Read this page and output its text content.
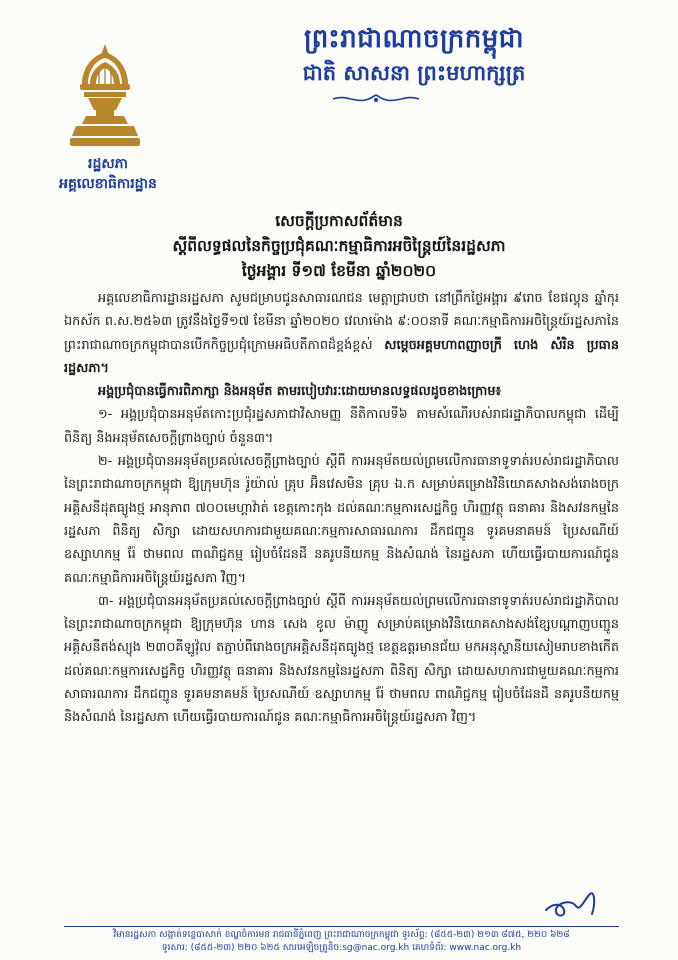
រដ្ឋសភា
អគ្គលេខាធិការដ្ឋាន
ព្រះរាជាណាចក្រកម្ពុជា
ជាតិ សាសនា ព្រះមហាក្សត្រ
សេចក្តីប្រកាសព័ត៌មាន
ស្តីពីលទ្ធផលនៃកិច្ចប្រជុំគណៈកម្មាធិការអចិន្ត្រៃយ៍នៃរដ្ឋសភា
ថ្ងៃអង្គារ ទី១៧ ខែមីនា ឆ្នាំ២០២០

អគ្គលេខាធិការដ្ឋានរដ្ឋសភា សូមជម្រាបជូនសាធារណជន មេត្តាជ្រាបថា នៅព្រឹកថ្ងៃអង្គារ ៩រោច ខែផល្គុន ឆ្នាំកុរ ឯកស័ក ព.ស.២៥៦៣ ត្រូវនឹងថ្ងៃទី១៧ ខែមីនា ឆ្នាំ២០២០ វេលាម៉ោង ៩:០០នាទី គណៈកម្មាធិការអចិន្ត្រៃយ៍រដ្ឋសភានៃព្រះរាជាណាចក្រកម្ពុជាបានបើកកិច្ចប្រជុំក្រោមអធិបតីភាពដ៏ខ្ពង់ខ្ពស់ សម្តេចអគ្គមហាពញាចក្រី ហេង សំរិន ប្រធានរដ្ឋសភា។

អង្គប្រជុំបានធ្វើការពិភាក្សា និងអនុម័ត តាមរបៀបវារៈដោយមានលទ្ធផលដូចខាងក្រោម៖

១- អង្គប្រជុំបានអនុម័តកោះប្រជុំរដ្ឋសភាជាវិសាមញ្ញ នីតិកាលទី៦ តាមសំណើរបស់រាជរដ្ឋាភិបាលកម្ពុជា ដើម្បីពិនិត្យ និងអនុម័តសេចក្តីព្រាងច្បាប់ ចំនួន៣។

២- អង្គប្រជុំបានអនុម័តប្រគល់សេចក្តីព្រាងច្បាប់ ស្តីពី ការអនុម័តយល់ព្រមលើការធានាទូទាត់របស់រាជរដ្ឋាភិបាលនៃព្រះរាជាណាចក្រកម្ពុជា ឱ្យក្រុមហ៊ុន រ៉ូយ៉ាល់ គ្រុប អ៊ិនវេសមិន គ្រុប ឯ.ក សម្រាប់គម្រោងវិនិយោគសាងសង់រោងចក្រអគ្គិសនីដុតធ្យូងថ្ម អានុភាព ៧០០មេហ្គាវ៉ាត់ ខេត្តកោះកុង ដល់គណៈកម្មការសេដ្ឋកិច្ច ហិរញ្ញវត្ថុ ធនាគារ និងសវនកម្មនៃរដ្ឋសភា ពិនិត្យ សិក្សា ដោយសហការជាមួយគណៈកម្មការសាធារណការ ដឹកជញ្ជូន ទូរគមនាគមន៍ ប្រៃសណីយ៍ ឧស្សាហកម្ម រ៉ែ ថាមពល ពាណិជ្ជកម្ម រៀបចំដែនដី នគរូបនីយកម្ម និងសំណង់ នៃរដ្ឋសភា ហើយធ្វើរបាយការណ៍ជូន គណៈកម្មាធិការអចិន្ត្រៃយ៍រដ្ឋសភា វិញ។

៣- អង្គប្រជុំបានអនុម័តប្រគល់សេចក្តីព្រាងច្បាប់ ស្តីពី ការអនុម័តយល់ព្រមលើការធានាទូទាត់របស់រាជរដ្ឋាភិបាលនៃព្រះរាជាណាចក្រកម្ពុជា ឱ្យក្រុមហ៊ុន ហាន សេង ខូល ម៉ាញូ សម្រាប់គម្រោងវិនិយោគសាងសង់ខ្សែបណ្តាញបញ្ជូនអគ្គិសនីតង់ស្យុង ២៣០គីឡូវ៉ុល តភ្ជាប់ពីរោងចក្រអគ្គិសនីដុតធ្យូងថ្ម ខេត្តឧត្តរមានជ័យ មកអនុស្ថានីយសៀមរាបខាងកើត ដល់គណៈកម្មការសេដ្ឋកិច្ច ហិរញ្ញវត្ថុ ធនាគារ និងសវនកម្មនៃរដ្ឋសភា ពិនិត្យ សិក្សា ដោយសហការជាមួយគណៈកម្មការសាធារណការ ដឹកជញ្ជូន ទូរគមនាគមន៍ ប្រៃសណីយ៍ ឧស្សាហកម្ម រ៉ែ ថាមពល ពាណិជ្ជកម្ម រៀបចំដែនដី នគរូបនីយកម្ម និងសំណង់ នៃរដ្ឋសភា ហើយធ្វើរបាយការណ៍ជូន គណៈកម្មាធិការអចិន្ត្រៃយ៍រដ្ឋសភា វិញ។

វិមានរដ្ឋសភា សង្កាត់ទន្លេបាសាក់ ខណ្ឌចំការមន រាជធានីភ្នំពេញ ព្រះរាជាណាចក្រកម្ពុជា ទូរស័ព្ទ: (៨៥៥-២៣) ២១៣ ៨៧៥, ២២០ ៦២៨
ទូរសារ: (៨៥៥-២៣) ២២០ ៦២៥ សារអេឡិចត្រូនិច:sg@nac.org.kh គេហទំព័រ: www.nac.org.kh
